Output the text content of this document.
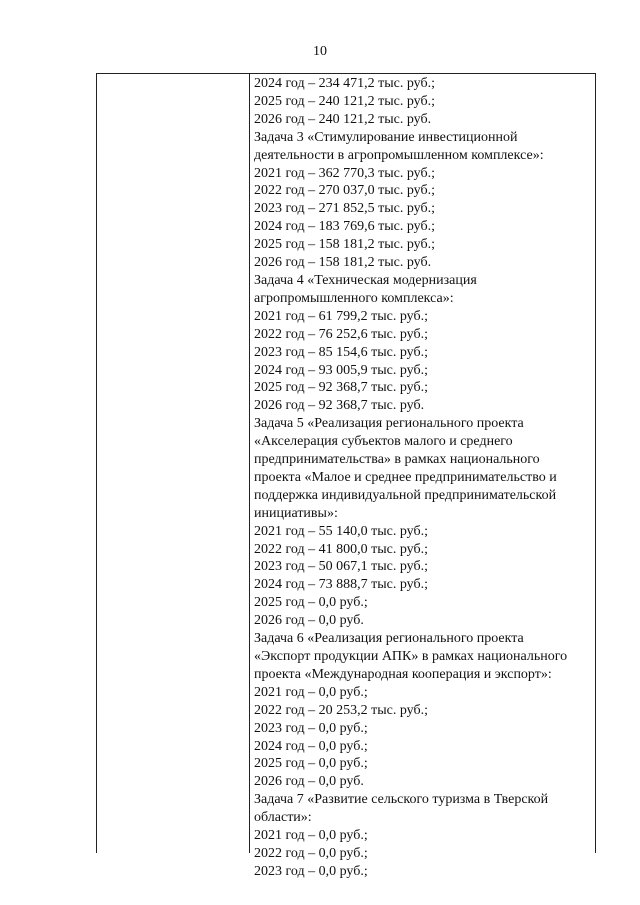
10
2024 год – 234 471,2 тыс. руб.;
2025 год – 240 121,2 тыс. руб.;
2026 год – 240 121,2 тыс. руб.
Задача 3 «Стимулирование инвестиционной
деятельности в агропромышленном комплексе»:
2021 год – 362 770,3 тыс. руб.;
2022 год – 270 037,0 тыс. руб.;
2023 год – 271 852,5 тыс. руб.;
2024 год – 183 769,6 тыс. руб.;
2025 год – 158 181,2 тыс. руб.;
2026 год – 158 181,2 тыс. руб.
Задача 4 «Техническая модернизация
агропромышленного комплекса»:
2021 год – 61 799,2 тыс. руб.;
2022 год – 76 252,6 тыс. руб.;
2023 год – 85 154,6 тыс. руб.;
2024 год – 93 005,9 тыс. руб.;
2025 год – 92 368,7 тыс. руб.;
2026 год – 92 368,7 тыс. руб.
Задача 5 «Реализация регионального проекта
«Акселерация субъектов малого и среднего
предпринимательства» в рамках национального
проекта «Малое и среднее предпринимательство и
поддержка индивидуальной предпринимательской
инициативы»:
2021 год – 55 140,0 тыс. руб.;
2022 год – 41 800,0 тыс. руб.;
2023 год – 50 067,1 тыс. руб.;
2024 год – 73 888,7 тыс. руб.;
2025 год – 0,0 руб.;
2026 год – 0,0 руб.
Задача 6 «Реализация регионального проекта
«Экспорт продукции АПК» в рамках национального
проекта «Международная кооперация и экспорт»:
2021 год – 0,0 руб.;
2022 год – 20 253,2 тыс. руб.;
2023 год – 0,0 руб.;
2024 год – 0,0 руб.;
2025 год – 0,0 руб.;
2026 год – 0,0 руб.
Задача 7 «Развитие сельского туризма в Тверской
области»:
2021 год – 0,0 руб.;
2022 год – 0,0 руб.;
2023 год – 0,0 руб.;
